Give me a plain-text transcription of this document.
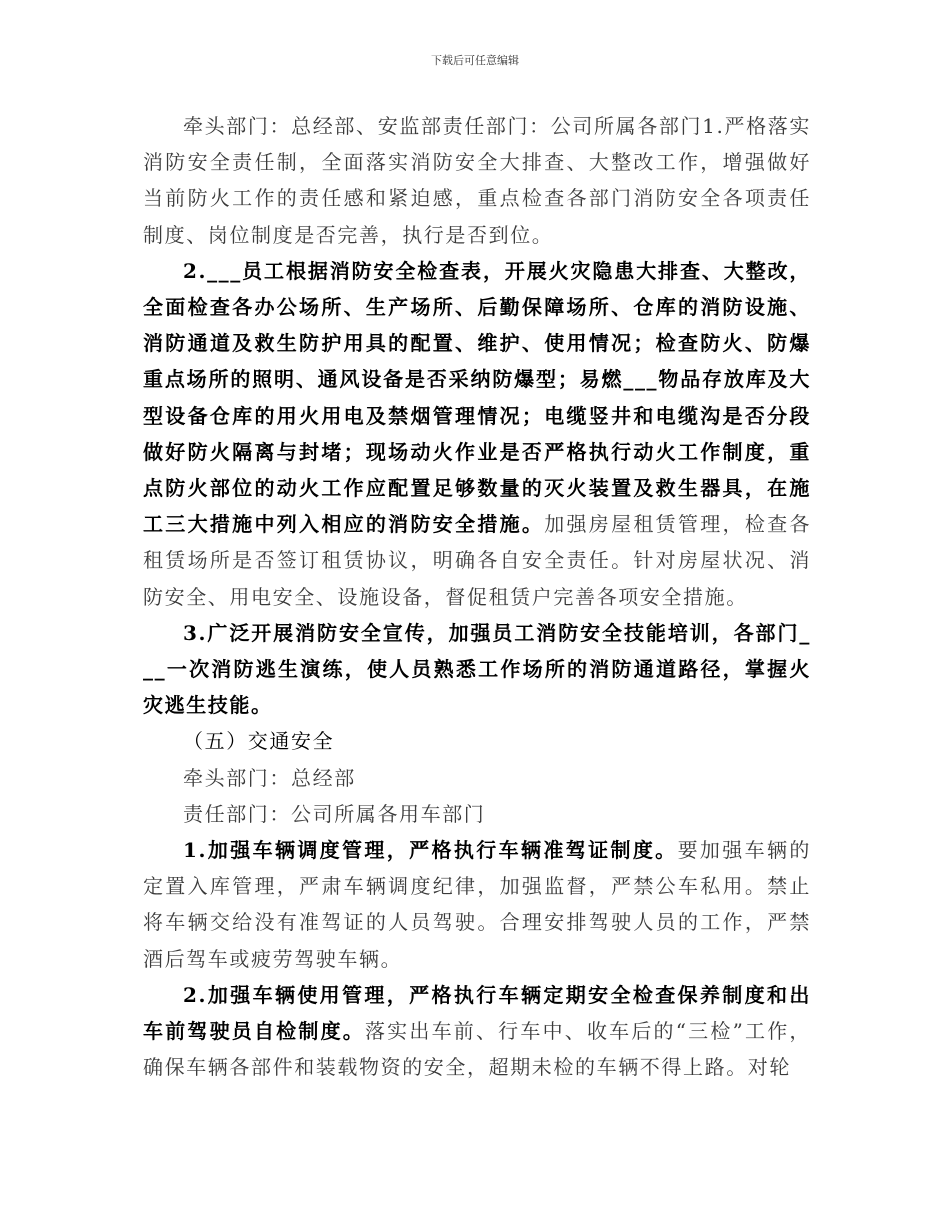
下载后可任意编辑

牵头部门：总经部、安监部责任部门：公司所属各部门1.严格落实消防安全责任制，全面落实消防安全大排查、大整改工作，增强做好当前防火工作的责任感和紧迫感，重点检查各部门消防安全各项责任制度、岗位制度是否完善，执行是否到位。

2.___员工根据消防安全检查表，开展火灾隐患大排查、大整改，全面检查各办公场所、生产场所、后勤保障场所、仓库的消防设施、消防通道及救生防护用具的配置、维护、使用情况；检查防火、防爆重点场所的照明、通风设备是否采纳防爆型；易燃___物品存放库及大型设备仓库的用火用电及禁烟管理情况；电缆竖井和电缆沟是否分段做好防火隔离与封堵；现场动火作业是否严格执行动火工作制度，重点防火部位的动火工作应配置足够数量的灭火装置及救生器具，在施工三大措施中列入相应的消防安全措施。加强房屋租赁管理，检查各租赁场所是否签订租赁协议，明确各自安全责任。针对房屋状况、消防安全、用电安全、设施设备，督促租赁户完善各项安全措施。

3.广泛开展消防安全宣传，加强员工消防安全技能培训，各部门___一次消防逃生演练，使人员熟悉工作场所的消防通道路径，掌握火灾逃生技能。

（五）交通安全

牵头部门：总经部

责任部门：公司所属各用车部门

1.加强车辆调度管理，严格执行车辆准驾证制度。要加强车辆的定置入库管理，严肃车辆调度纪律，加强监督，严禁公车私用。禁止将车辆交给没有准驾证的人员驾驶。合理安排驾驶人员的工作，严禁酒后驾车或疲劳驾驶车辆。

2.加强车辆使用管理，严格执行车辆定期安全检查保养制度和出车前驾驶员自检制度。落实出车前、行车中、收车后的“三检”工作，确保车辆各部件和装载物资的安全，超期未检的车辆不得上路。对轮
